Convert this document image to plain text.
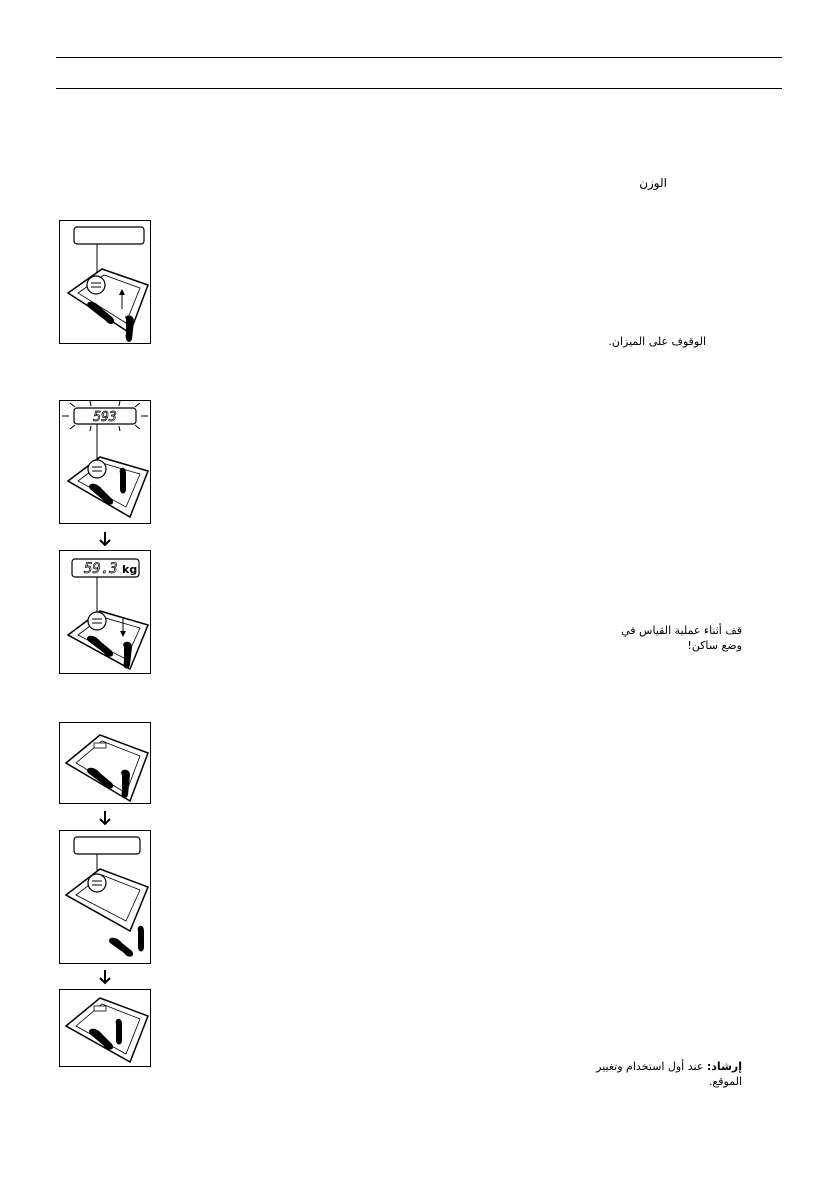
الوزن
الوقوف على الميزان.
593
59.3 kg
قف أثناء عملية القياس في
وضع ساكن!
إرشاد: عند أول استخدام وتغيير
الموقع.
